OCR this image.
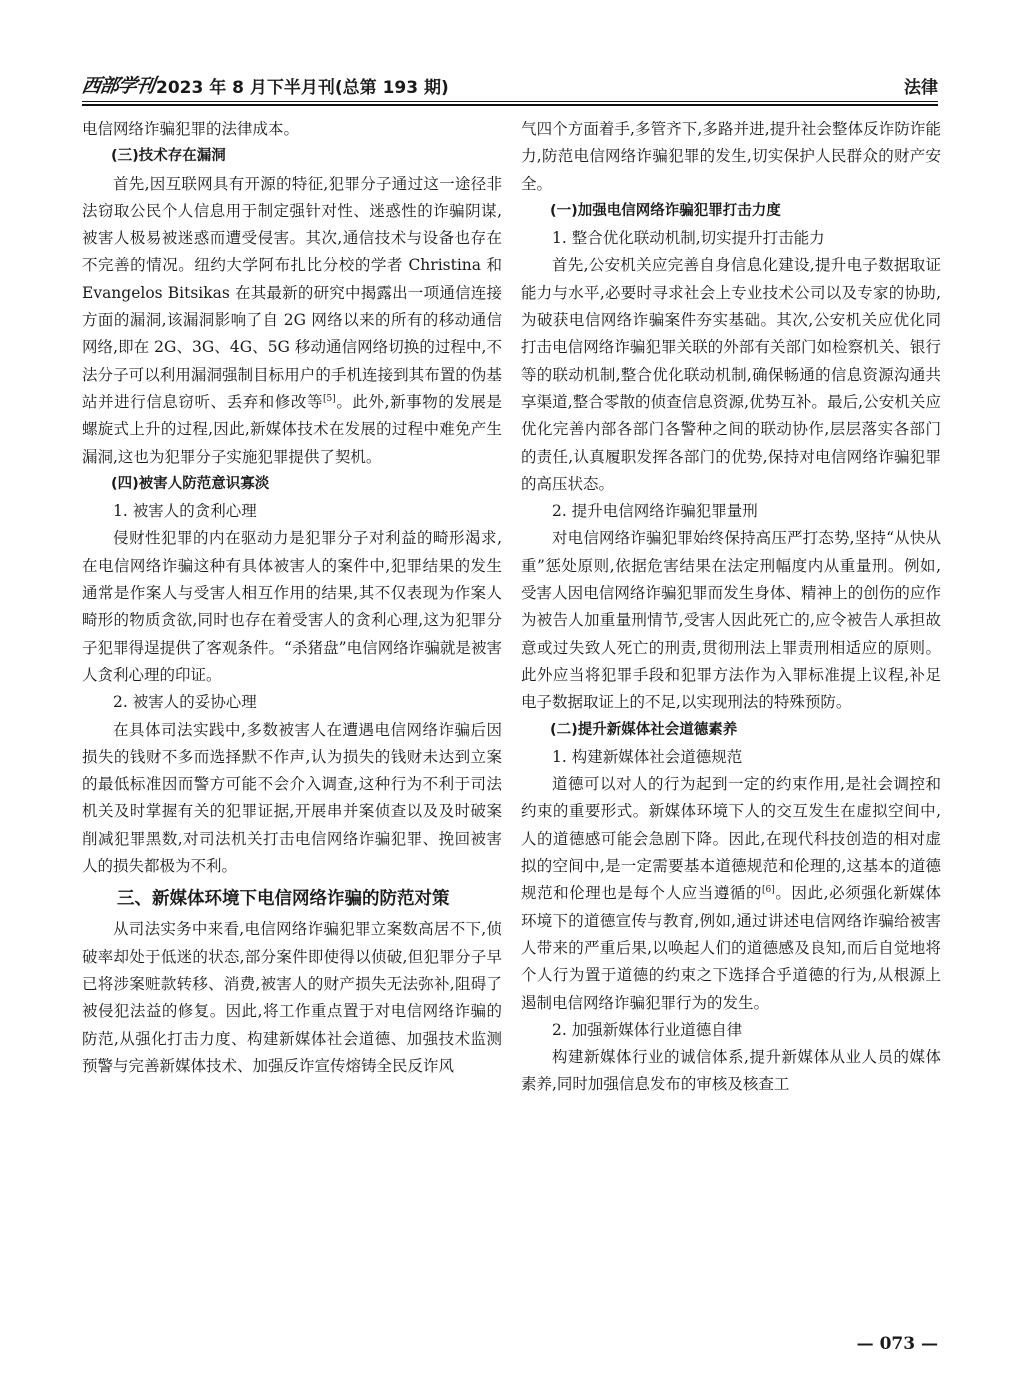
西部学刊 2023 年 8 月下半月刊(总第 193 期)	法律

电信网络诈骗犯罪的法律成本。

(三)技术存在漏洞

首先,因互联网具有开源的特征,犯罪分子通过这一途径非法窃取公民个人信息用于制定强针对性、迷惑性的诈骗阴谋,被害人极易被迷惑而遭受侵害。其次,通信技术与设备也存在不完善的情况。纽约大学阿布扎比分校的学者 Christina 和 Evangelos Bitsikas 在其最新的研究中揭露出一项通信连接方面的漏洞,该漏洞影响了自 2G 网络以来的所有的移动通信网络,即在 2G、3G、4G、5G 移动通信网络切换的过程中,不法分子可以利用漏洞强制目标用户的手机连接到其布置的伪基站并进行信息窃听、丢弃和修改等[5]。此外,新事物的发展是螺旋式上升的过程,因此,新媒体技术在发展的过程中难免产生漏洞,这也为犯罪分子实施犯罪提供了契机。

(四)被害人防范意识寡淡
1. 被害人的贪利心理

侵财性犯罪的内在驱动力是犯罪分子对利益的畸形渴求,在电信网络诈骗这种有具体被害人的案件中,犯罪结果的发生通常是作案人与受害人相互作用的结果,其不仅表现为作案人畸形的物质贪欲,同时也存在着受害人的贪利心理,这为犯罪分子犯罪得逞提供了客观条件。“杀猪盘”电信网络诈骗就是被害人贪利心理的印证。

2. 被害人的妥协心理

在具体司法实践中,多数被害人在遭遇电信网络诈骗后因损失的钱财不多而选择默不作声,认为损失的钱财未达到立案的最低标准因而警方可能不会介入调查,这种行为不利于司法机关及时掌握有关的犯罪证据,开展串并案侦查以及及时破案削减犯罪黑数,对司法机关打击电信网络诈骗犯罪、挽回被害人的损失都极为不利。

三、新媒体环境下电信网络诈骗的防范对策

从司法实务中来看,电信网络诈骗犯罪立案数高居不下,侦破率却处于低迷的状态,部分案件即使得以侦破,但犯罪分子早已将涉案赃款转移、消费,被害人的财产损失无法弥补,阻碍了被侵犯法益的修复。因此,将工作重点置于对电信网络诈骗的防范,从强化打击力度、构建新媒体社会道德、加强技术监测预警与完善新媒体技术、加强反诈宣传熔铸全民反诈风

气四个方面着手,多管齐下,多路并进,提升社会整体反诈防诈能力,防范电信网络诈骗犯罪的发生,切实保护人民群众的财产安全。

(一)加强电信网络诈骗犯罪打击力度
1. 整合优化联动机制,切实提升打击能力

首先,公安机关应完善自身信息化建设,提升电子数据取证能力与水平,必要时寻求社会上专业技术公司以及专家的协助,为破获电信网络诈骗案件夯实基础。其次,公安机关应优化同打击电信网络诈骗犯罪关联的外部有关部门如检察机关、银行等的联动机制,整合优化联动机制,确保畅通的信息资源沟通共享渠道,整合零散的侦查信息资源,优势互补。最后,公安机关应优化完善内部各部门各警种之间的联动协作,层层落实各部门的责任,认真履职发挥各部门的优势,保持对电信网络诈骗犯罪的高压状态。

2. 提升电信网络诈骗犯罪量刑

对电信网络诈骗犯罪始终保持高压严打态势,坚持“从快从重”惩处原则,依据危害结果在法定刑幅度内从重量刑。例如,受害人因电信网络诈骗犯罪而发生身体、精神上的创伤的应作为被告人加重量刑情节,受害人因此死亡的,应令被告人承担故意或过失致人死亡的刑责,贯彻刑法上罪责刑相适应的原则。此外应当将犯罪手段和犯罪方法作为入罪标准提上议程,补足电子数据取证上的不足,以实现刑法的特殊预防。

(二)提升新媒体社会道德素养
1. 构建新媒体社会道德规范

道德可以对人的行为起到一定的约束作用,是社会调控和约束的重要形式。新媒体环境下人的交互发生在虚拟空间中,人的道德感可能会急剧下降。因此,在现代科技创造的相对虚拟的空间中,是一定需要基本道德规范和伦理的,这基本的道德规范和伦理也是每个人应当遵循的[6]。因此,必须强化新媒体环境下的道德宣传与教育,例如,通过讲述电信网络诈骗给被害人带来的严重后果,以唤起人们的道德感及良知,而后自觉地将个人行为置于道德的约束之下选择合乎道德的行为,从根源上遏制电信网络诈骗犯罪行为的发生。

2. 加强新媒体行业道德自律

构建新媒体行业的诚信体系,提升新媒体从业人员的媒体素养,同时加强信息发布的审核及核查工

— 073 —
